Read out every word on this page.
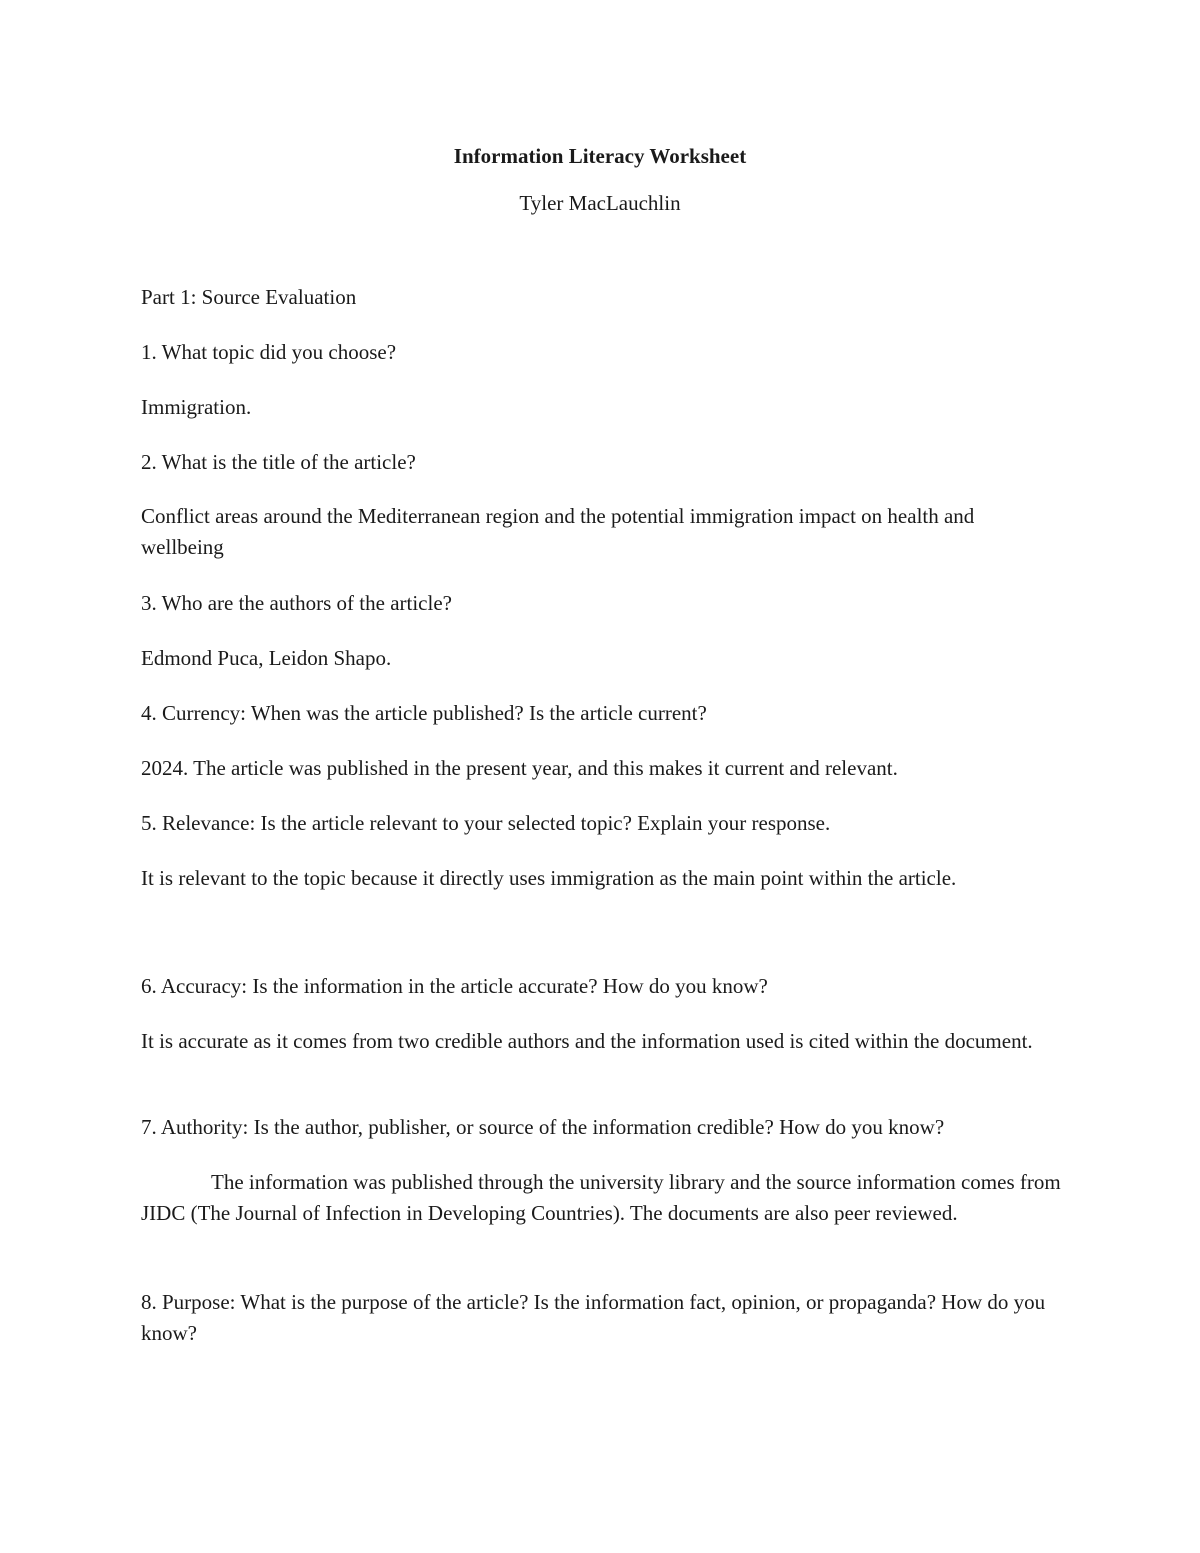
Information Literacy Worksheet
Tyler MacLauchlin
Part 1: Source Evaluation
1. What topic did you choose?
Immigration.
2. What is the title of the article?
Conflict areas around the Mediterranean region and the potential immigration impact on health and wellbeing
3. Who are the authors of the article?
Edmond Puca, Leidon Shapo.
4. Currency: When was the article published? Is the article current?
2024. The article was published in the present year, and this makes it current and relevant.
5. Relevance: Is the article relevant to your selected topic? Explain your response.
It is relevant to the topic because it directly uses immigration as the main point within the article.
6. Accuracy: Is the information in the article accurate? How do you know?
It is accurate as it comes from two credible authors and the information used is cited within the document.
7. Authority: Is the author, publisher, or source of the information credible? How do you know?
The information was published through the university library and the source information comes from JIDC (The Journal of Infection in Developing Countries). The documents are also peer reviewed.
8. Purpose: What is the purpose of the article? Is the information fact, opinion, or propaganda? How do you know?
